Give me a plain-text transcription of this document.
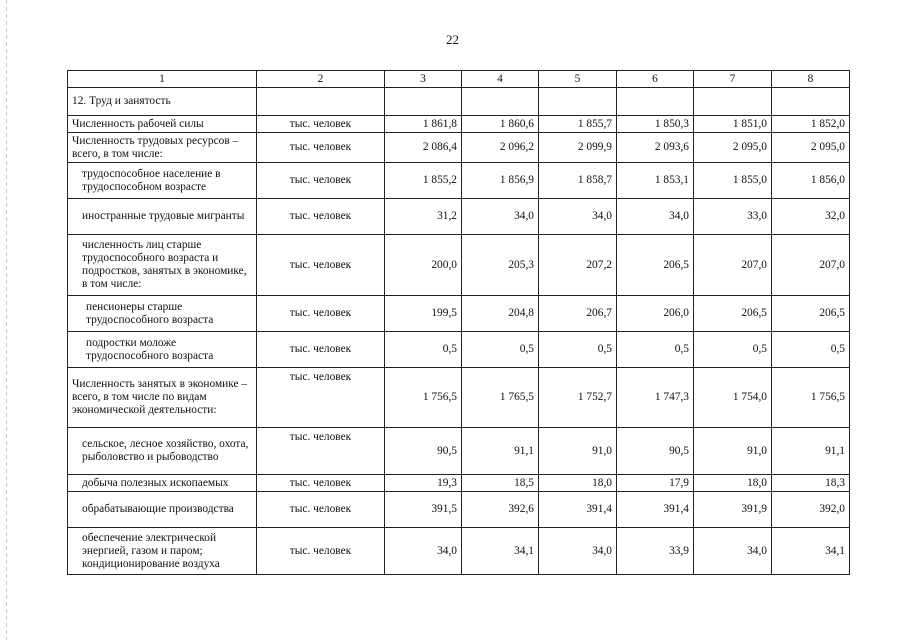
22
1	2	3	4	5	6	7	8
12. Труд и занятость							
Численность рабочей силы	тыс. человек	1 861,8	1 860,6	1 855,7	1 850,3	1 851,0	1 852,0
Численность трудовых ресурсов – всего, в том числе:	тыс. человек	2 086,4	2 096,2	2 099,9	2 093,6	2 095,0	2 095,0
трудоспособное население в трудоспособном возрасте	тыс. человек	1 855,2	1 856,9	1 858,7	1 853,1	1 855,0	1 856,0
иностранные трудовые мигранты	тыс. человек	31,2	34,0	34,0	34,0	33,0	32,0
численность лиц старше трудоспособного возраста и подростков, занятых в экономике, в том числе:	тыс. человек	200,0	205,3	207,2	206,5	207,0	207,0
пенсионеры старше трудоспособного возраста	тыс. человек	199,5	204,8	206,7	206,0	206,5	206,5
подростки моложе трудоспособного возраста	тыс. человек	0,5	0,5	0,5	0,5	0,5	0,5
Численность занятых в экономике – всего, в том числе по видам экономической деятельности:	тыс. человек	1 756,5	1 765,5	1 752,7	1 747,3	1 754,0	1 756,5
сельское, лесное хозяйство, охота, рыболовство и рыбоводство	тыс. человек	90,5	91,1	91,0	90,5	91,0	91,1
добыча полезных ископаемых	тыс. человек	19,3	18,5	18,0	17,9	18,0	18,3
обрабатывающие производства	тыс. человек	391,5	392,6	391,4	391,4	391,9	392,0
обеспечение электрической энергией, газом и паром; кондиционирование воздуха	тыс. человек	34,0	34,1	34,0	33,9	34,0	34,1
